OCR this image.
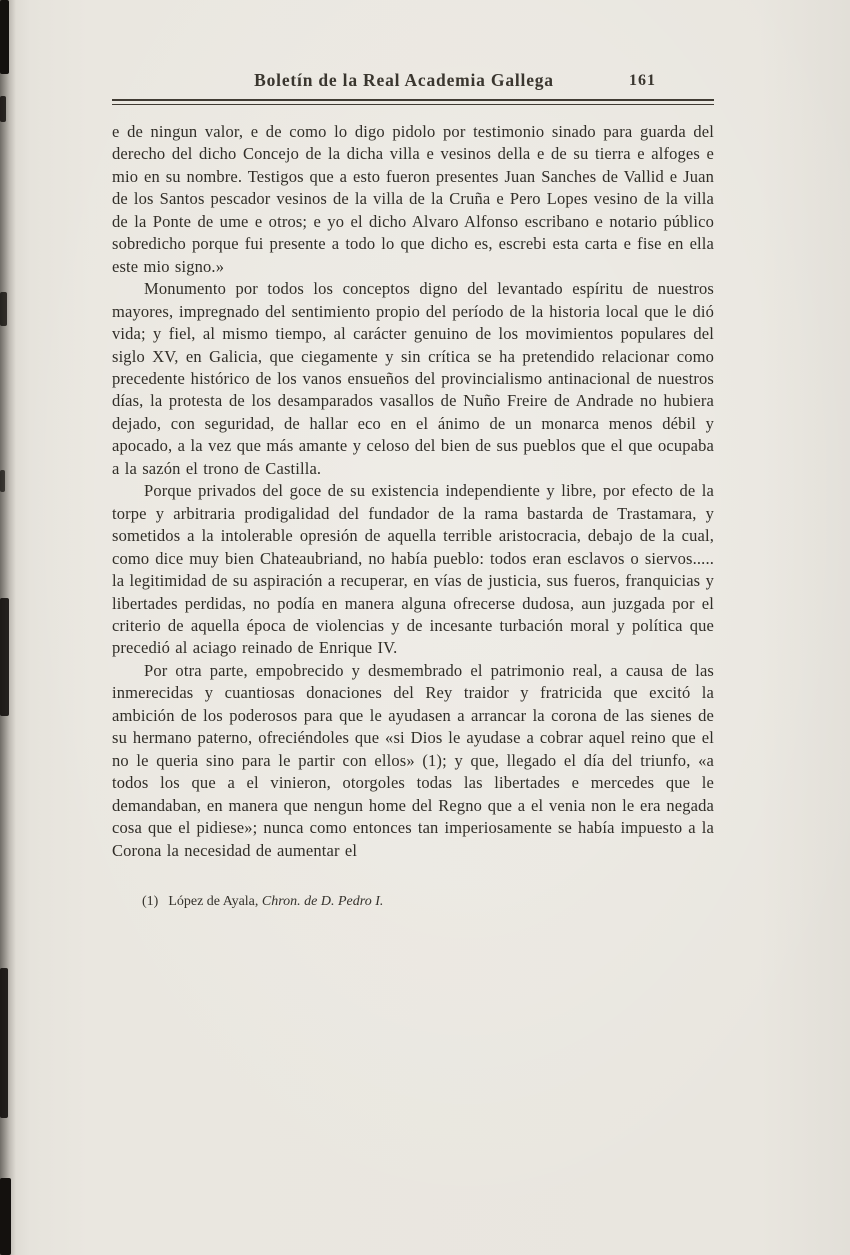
Boletín de la Real Academia Gallega	161

e de ningun valor, e de como lo digo pidolo por testimonio sinado para guarda del derecho del dicho Concejo de la dicha villa e vesinos della e de su tierra e alfoges e mio en su nombre. Testigos que a esto fueron presentes Juan Sanches de Vallid e Juan de los Santos pescador vesinos de la villa de la Cruña e Pero Lopes vesino de la villa de la Ponte de ume e otros; e yo el dicho Alvaro Alfonso escribano e notario público sobredicho porque fui presente a todo lo que dicho es, escrebi esta carta e fise en ella este mio signo.»

Monumento por todos los conceptos digno del levantado espíritu de nuestros mayores, impregnado del sentimiento propio del período de la historia local que le dió vida; y fiel, al mismo tiempo, al carácter genuino de los movimientos populares del siglo XV, en Galicia, que ciegamente y sin crítica se ha pretendido relacionar como precedente histórico de los vanos ensueños del provincialismo antinacional de nuestros días, la protesta de los desamparados vasallos de Nuño Freire de Andrade no hubiera dejado, con seguridad, de hallar eco en el ánimo de un monarca menos débil y apocado, a la vez que más amante y celoso del bien de sus pueblos que el que ocupaba a la sazón el trono de Castilla.

Porque privados del goce de su existencia independiente y libre, por efecto de la torpe y arbitraria prodigalidad del fundador de la rama bastarda de Trastamara, y sometidos a la intolerable opresión de aquella terrible aristocracia, debajo de la cual, como dice muy bien Chateaubriand, no había pueblo: todos eran esclavos o siervos..... la legitimidad de su aspiración a recuperar, en vías de justicia, sus fueros, franquicias y libertades perdidas, no podía en manera alguna ofrecerse dudosa, aun juzgada por el criterio de aquella época de violencias y de incesante turbación moral y política que precedió al aciago reinado de Enrique IV.

Por otra parte, empobrecido y desmembrado el patrimonio real, a causa de las inmerecidas y cuantiosas donaciones del Rey traidor y fratricida que excitó la ambición de los poderosos para que le ayudasen a arrancar la corona de las sienes de su hermano paterno, ofreciéndoles que «si Dios le ayudase a cobrar aquel reino que el no le queria sino para le partir con ellos» (1); y que, llegado el día del triunfo, «a todos los que a el vinieron, otorgoles todas las libertades e mercedes que le demandaban, en manera que nengun home del Regno que a el venia non le era negada cosa que el pidiese»; nunca como entonces tan imperiosamente se había impuesto a la Corona la necesidad de aumentar el

(1) López de Ayala, Chron. de D. Pedro I.
